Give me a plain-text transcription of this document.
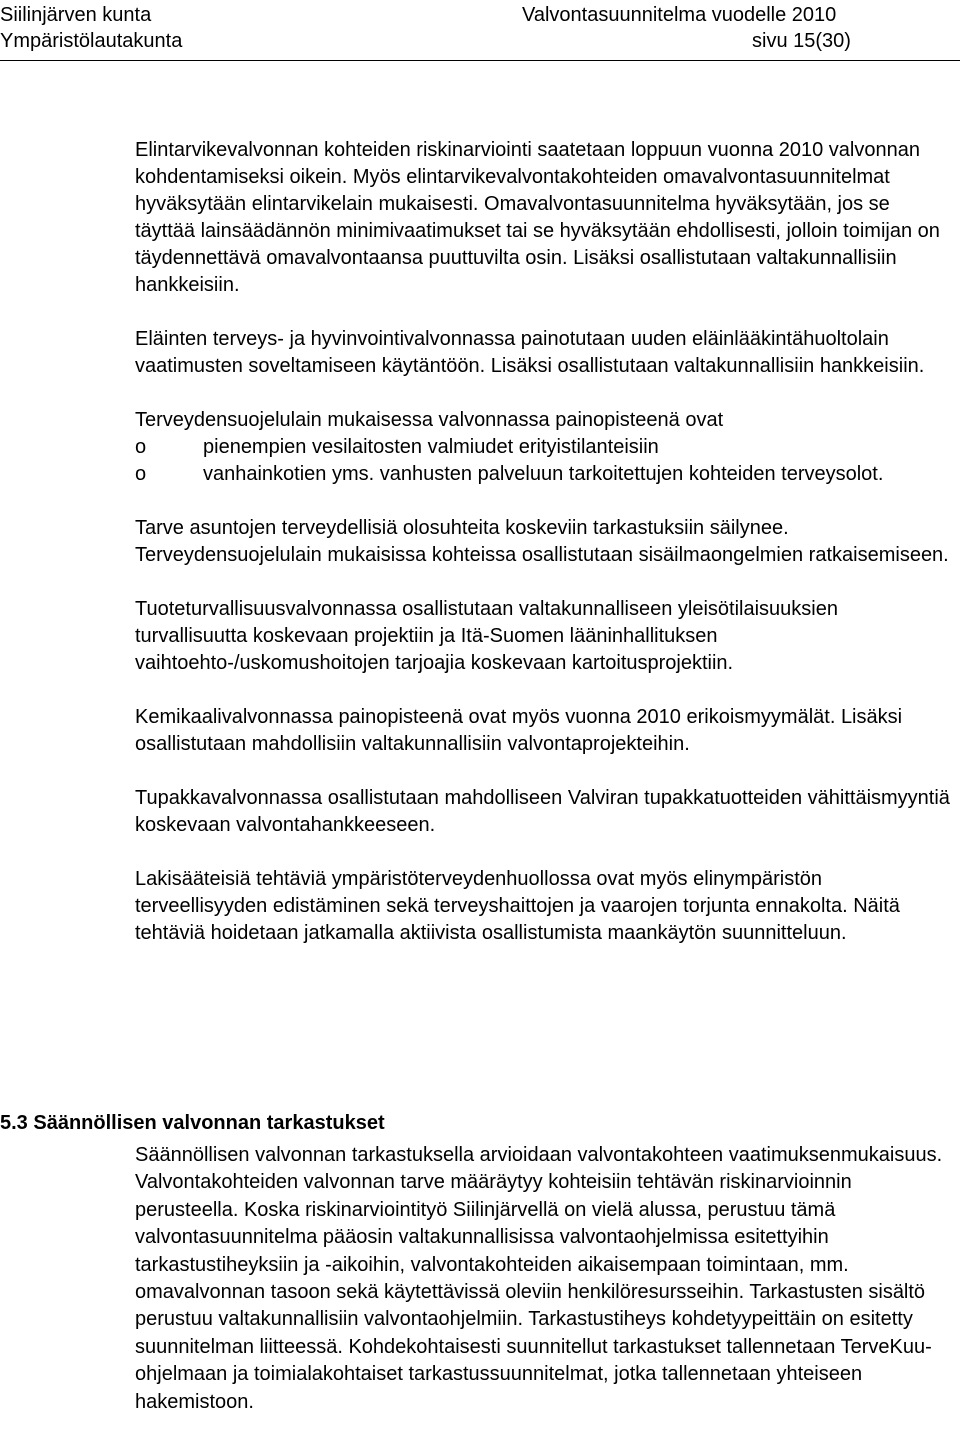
Siilinjärven kunta
Ympäristölautakunta
Valvontasuunnitelma vuodelle 2010
sivu 15(30)

Elintarvikevalvonnan kohteiden riskinarviointi saatetaan loppuun vuonna 2010 valvonnan kohdentamiseksi oikein. Myös elintarvikevalvontakohteiden omavalvontasuunnitelmat hyväksytään elintarvikelain mukaisesti. Omavalvontasuunnitelma hyväksytään, jos se täyttää lainsäädännön minimivaatimukset tai se hyväksytään ehdollisesti, jolloin toimijan on täydennettävä omavalvontaansa puuttuvilta osin. Lisäksi osallistutaan valtakunnallisiin hankkeisiin.

Eläinten terveys- ja hyvinvointivalvonnassa painotutaan uuden eläinlääkintähuoltolain vaatimusten soveltamiseen käytäntöön. Lisäksi osallistutaan valtakunnallisiin hankkeisiin.

Terveydensuojelulain mukaisessa valvonnassa painopisteenä ovat

o	pienempien vesilaitosten valmiudet erityistilanteisiin

o	vanhainkotien yms. vanhusten palveluun tarkoitettujen kohteiden terveysolot.

Tarve asuntojen terveydellisiä olosuhteita koskeviin tarkastuksiin säilynee. Terveydensuojelulain mukaisissa kohteissa osallistutaan sisäilmaongelmien ratkaisemiseen.

Tuoteturvallisuusvalvonnassa osallistutaan valtakunnalliseen yleisötilaisuuksien turvallisuutta koskevaan projektiin ja Itä-Suomen lääninhallituksen vaihtoehto-/uskomushoitojen tarjoajia koskevaan kartoitusprojektiin.

Kemikaalivalvonnassa painopisteenä ovat myös vuonna 2010 erikoismyymälät. Lisäksi osallistutaan mahdollisiin valtakunnallisiin valvontaprojekteihin.

Tupakkavalvonnassa osallistutaan mahdolliseen Valviran tupakkatuotteiden vähittäismyyntiä koskevaan valvontahankkeeseen.

Lakisääteisiä tehtäviä ympäristöterveydenhuollossa ovat myös elinympäristön terveellisyyden edistäminen sekä terveyshaittojen ja vaarojen torjunta ennakolta. Näitä tehtäviä hoidetaan jatkamalla aktiivista osallistumista maankäytön suunnitteluun.

5.3 Säännöllisen valvonnan tarkastukset
Säännöllisen valvonnan tarkastuksella arvioidaan valvontakohteen vaatimuksenmukaisuus. Valvontakohteiden valvonnan tarve määräytyy kohteisiin tehtävän riskinarvioinnin perusteella. Koska riskinarviointityö Siilinjärvellä on vielä alussa, perustuu tämä valvontasuunnitelma pääosin valtakunnallisissa valvontaohjelmissa esitettyihin tarkastustiheyksiin ja -aikoihin, valvontakohteiden aikaisempaan toimintaan, mm. omavalvonnan tasoon sekä käytettävissä oleviin henkilöresursseihin. Tarkastusten sisältö perustuu valtakunnallisiin valvontaohjelmiin. Tarkastustiheys kohdetyypeittäin on esitetty suunnitelman liitteessä. Kohdekohtaisesti suunnitellut tarkastukset tallennetaan TerveKuu-ohjelmaan ja toimialakohtaiset tarkastussuunnitelmat, jotka tallennetaan yhteiseen hakemistoon.
